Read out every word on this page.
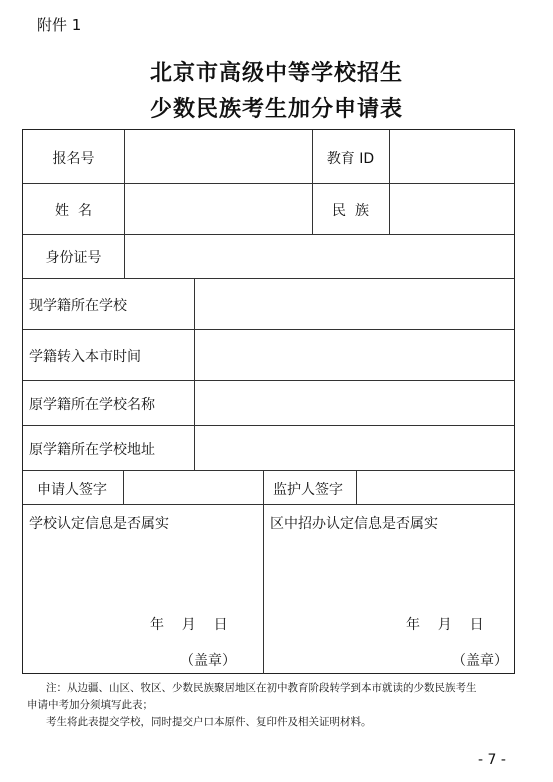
附件 1
北京市高级中等学校招生
少数民族考生加分申请表
报名号	教育 ID
姓  名	民  族
身份证号
现学籍所在学校
学籍转入本市时间
原学籍所在学校名称
原学籍所在学校地址
申请人签字	监护人签字
学校认定信息是否属实
年    月    日
（盖章）
区中招办认定信息是否属实
年    月    日
（盖章）
注：从边疆、山区、牧区、少数民族聚居地区在初中教育阶段转学到本市就读的少数民族考生
申请中考加分须填写此表；
考生将此表提交学校，同时提交户口本原件、复印件及相关证明材料。
- 7 -
